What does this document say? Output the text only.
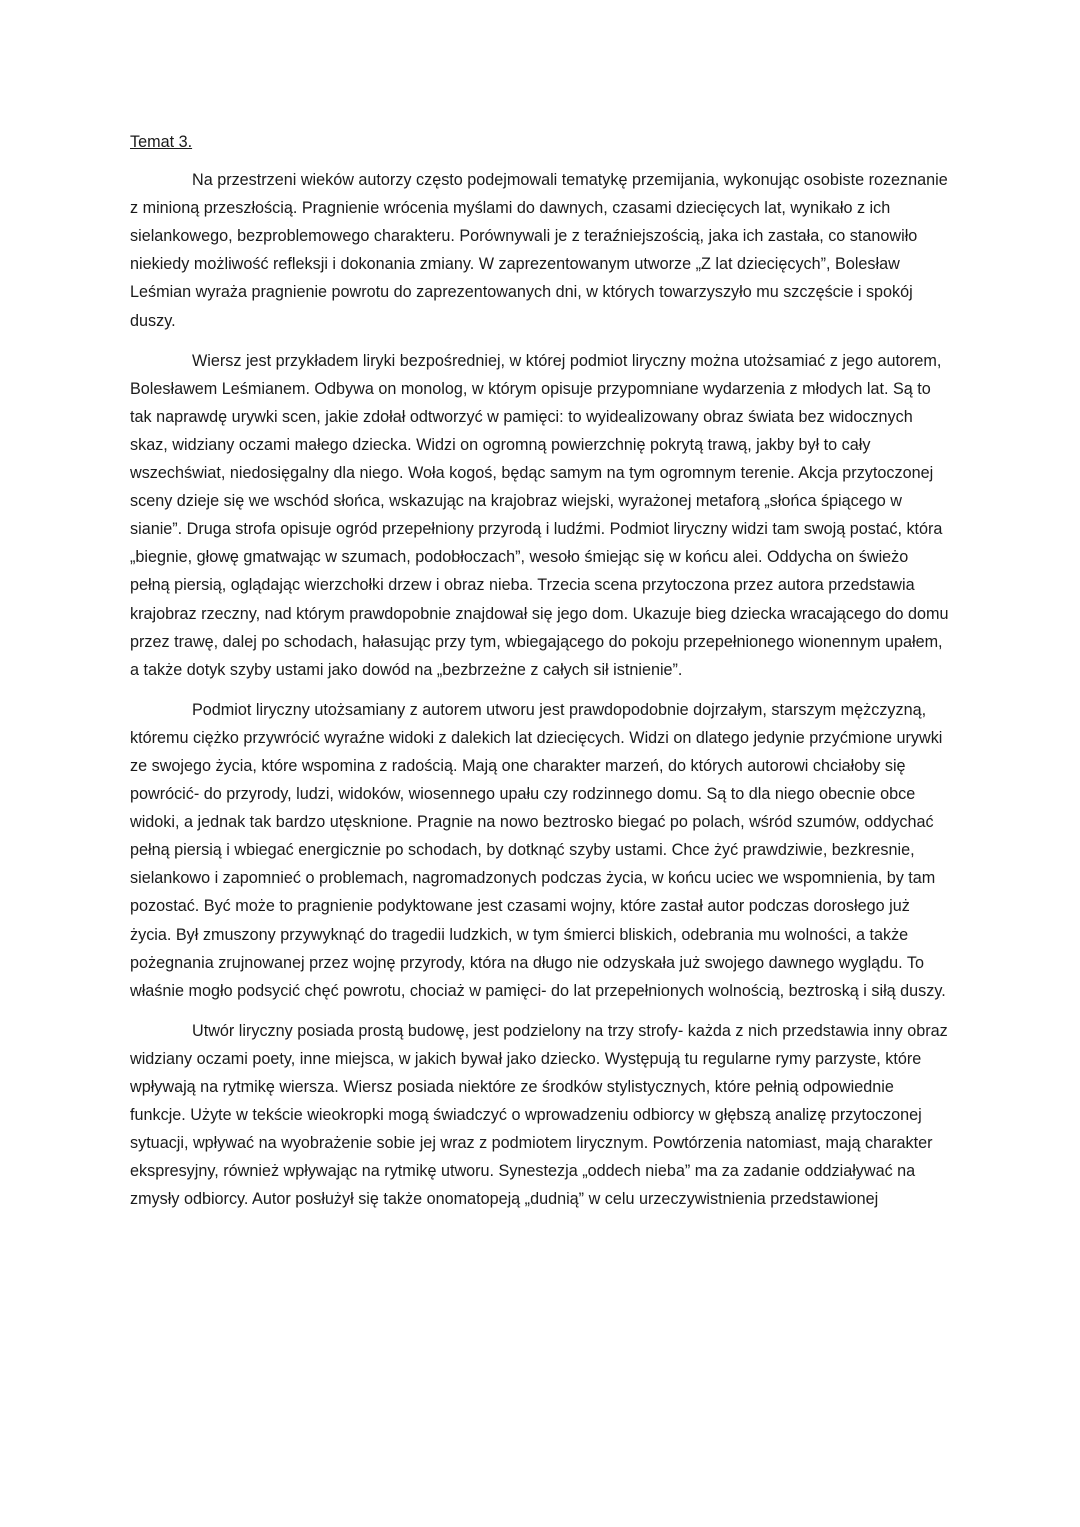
Temat 3.

Na przestrzeni wieków autorzy często podejmowali tematykę przemijania, wykonując osobiste rozeznanie z minioną przeszłością. Pragnienie wrócenia myślami do dawnych, czasami dziecięcych lat, wynikało z ich sielankowego, bezproblemowego charakteru. Porównywali je z teraźniejszością, jaka ich zastała, co stanowiło niekiedy możliwość refleksji i dokonania zmiany. W zaprezentowanym utworze „Z lat dziecięcych”, Bolesław Leśmian wyraża pragnienie powrotu do zaprezentowanych dni, w których towarzyszyło mu szczęście i spokój duszy.

Wiersz jest przykładem liryki bezpośredniej, w której podmiot liryczny można utożsamiać z jego autorem, Bolesławem Leśmianem. Odbywa on monolog, w którym opisuje przypomniane wydarzenia z młodych lat. Są to tak naprawdę urywki scen, jakie zdołał odtworzyć w pamięci: to wyidealizowany obraz świata bez widocznych skaz, widziany oczami małego dziecka. Widzi on ogromną powierzchnię pokrytą trawą, jakby był to cały wszechświat, niedosięgalny dla niego. Woła kogoś, będąc samym na tym ogromnym terenie. Akcja przytoczonej sceny dzieje się we wschód słońca, wskazując na krajobraz wiejski, wyrażonej metaforą „słońca śpiącego w sianie”. Druga strofa opisuje ogród przepełniony przyrodą i ludźmi. Podmiot liryczny widzi tam swoją postać, która „biegnie, głowę gmatwając w szumach, podobłoczach”, wesoło śmiejąc się w końcu alei. Oddycha on świeżo pełną piersią, oglądając wierzchołki drzew i obraz nieba. Trzecia scena przytoczona przez autora przedstawia krajobraz rzeczny, nad którym prawdopobnie znajdował się jego dom. Ukazuje bieg dziecka wracającego do domu przez trawę, dalej po schodach, hałasując przy tym, wbiegającego do pokoju przepełnionego wionennym upałem, a także dotyk szyby ustami jako dowód na „bezbrzeżne z całych sił istnienie”.

Podmiot liryczny utożsamiany z autorem utworu jest prawdopodobnie dojrzałym, starszym mężczyzną, któremu ciężko przywrócić wyraźne widoki z dalekich lat dziecięcych. Widzi on dlatego jedynie przyćmione urywki ze swojego życia, które wspomina z radością. Mają one charakter marzeń, do których autorowi chciałoby się powrócić- do przyrody, ludzi, widoków, wiosennego upału czy rodzinnego domu. Są to dla niego obecnie obce widoki, a jednak tak bardzo utęsknione. Pragnie na nowo beztrosko biegać po polach, wśród szumów, oddychać pełną piersią i wbiegać energicznie po schodach, by dotknąć szyby ustami. Chce żyć prawdziwie, bezkresnie, sielankowo i zapomnieć o problemach, nagromadzonych podczas życia, w końcu uciec we wspomnienia, by tam pozostać. Być może to pragnienie podyktowane jest czasami wojny, które zastał autor podczas dorosłego już życia. Był zmuszony przywyknąć do tragedii ludzkich, w tym śmierci bliskich, odebrania mu wolności, a także pożegnania zrujnowanej przez wojnę przyrody, która na długo nie odzyskała już swojego dawnego wyglądu. To właśnie mogło podsycić chęć powrotu, chociaż w pamięci- do lat przepełnionych wolnością, beztroską i siłą duszy.

Utwór liryczny posiada prostą budowę, jest podzielony na trzy strofy- każda z nich przedstawia inny obraz widziany oczami poety, inne miejsca, w jakich bywał jako dziecko. Występują tu regularne rymy parzyste, które wpływają na rytmikę wiersza. Wiersz posiada niektóre ze środków stylistycznych, które pełnią odpowiednie funkcje. Użyte w tekście wieokropki mogą świadczyć o wprowadzeniu odbiorcy w głębszą analizę przytoczonej sytuacji, wpływać na wyobrażenie sobie jej wraz z podmiotem lirycznym. Powtórzenia natomiast, mają charakter ekspresyjny, również wpływając na rytmikę utworu. Synestezja „oddech nieba” ma za zadanie oddziaływać na zmysły odbiorcy. Autor posłużył się także onomatopeją „dudnią” w celu urzeczywistnienia przedstawionej
